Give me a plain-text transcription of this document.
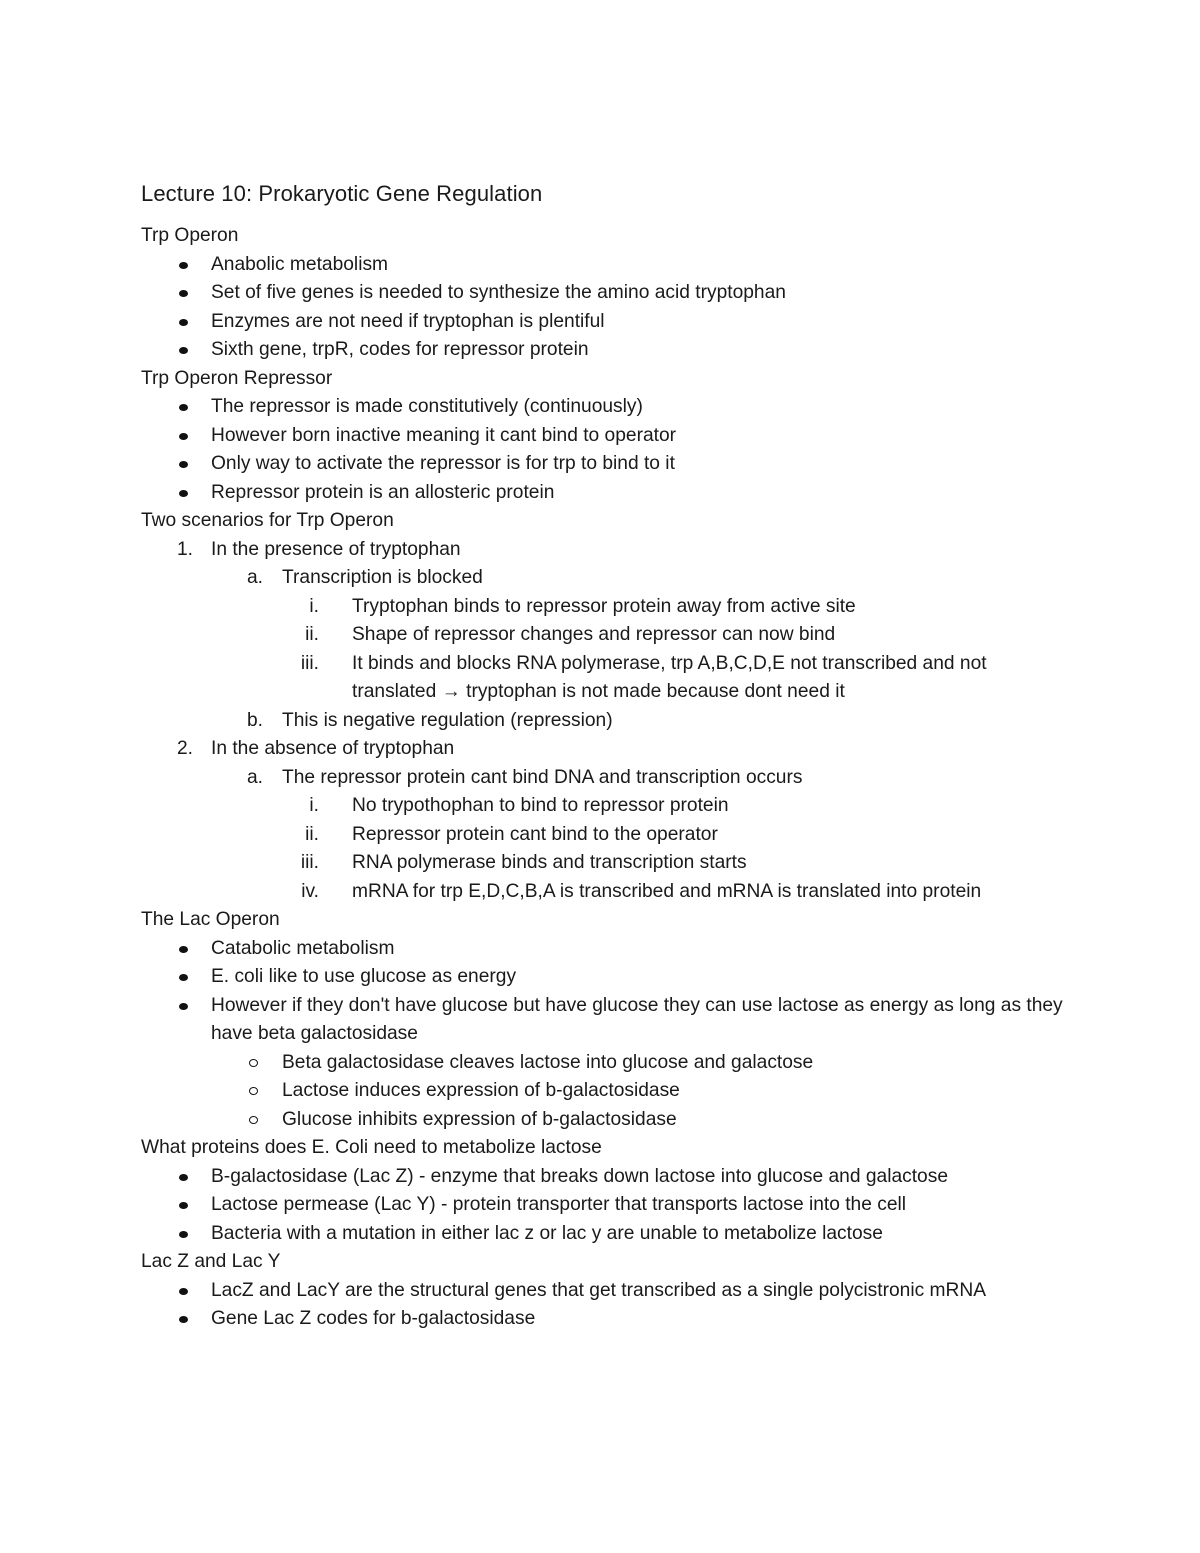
Lecture 10: Prokaryotic Gene Regulation
Trp Operon
Anabolic metabolism
Set of five genes is needed to synthesize the amino acid tryptophan
Enzymes are not need if tryptophan is plentiful
Sixth gene, trpR, codes for repressor protein
Trp Operon Repressor
The repressor is made constitutively (continuously)
However born inactive meaning it cant bind to operator
Only way to activate the repressor is for trp to bind to it
Repressor protein is an allosteric protein
Two scenarios for Trp Operon
1. In the presence of tryptophan
a. Transcription is blocked
i. Tryptophan binds to repressor protein away from active site
ii. Shape of repressor changes and repressor can now bind
iii. It binds and blocks RNA polymerase, trp A,B,C,D,E not transcribed and not translated → tryptophan is not made because dont need it
b. This is negative regulation (repression)
2. In the absence of tryptophan
a. The repressor protein cant bind DNA and transcription occurs
i. No trypothophan to bind to repressor protein
ii. Repressor protein cant bind to the operator
iii. RNA polymerase binds and transcription starts
iv. mRNA for trp E,D,C,B,A is transcribed and mRNA is translated into protein
The Lac Operon
Catabolic metabolism
E. coli like to use glucose as energy
However if they don't have glucose but have glucose they can use lactose as energy as long as they have beta galactosidase
Beta galactosidase cleaves lactose into glucose and galactose
Lactose induces expression of b-galactosidase
Glucose inhibits expression of b-galactosidase
What proteins does E. Coli need to metabolize lactose
B-galactosidase (Lac Z) - enzyme that breaks down lactose into glucose and galactose
Lactose permease (Lac Y) - protein transporter that transports lactose into the cell
Bacteria with a mutation in either lac z or lac y are unable to metabolize lactose
Lac Z and Lac Y
LacZ and LacY are the structural genes that get transcribed as a single polycistronic mRNA
Gene Lac Z codes for b-galactosidase
